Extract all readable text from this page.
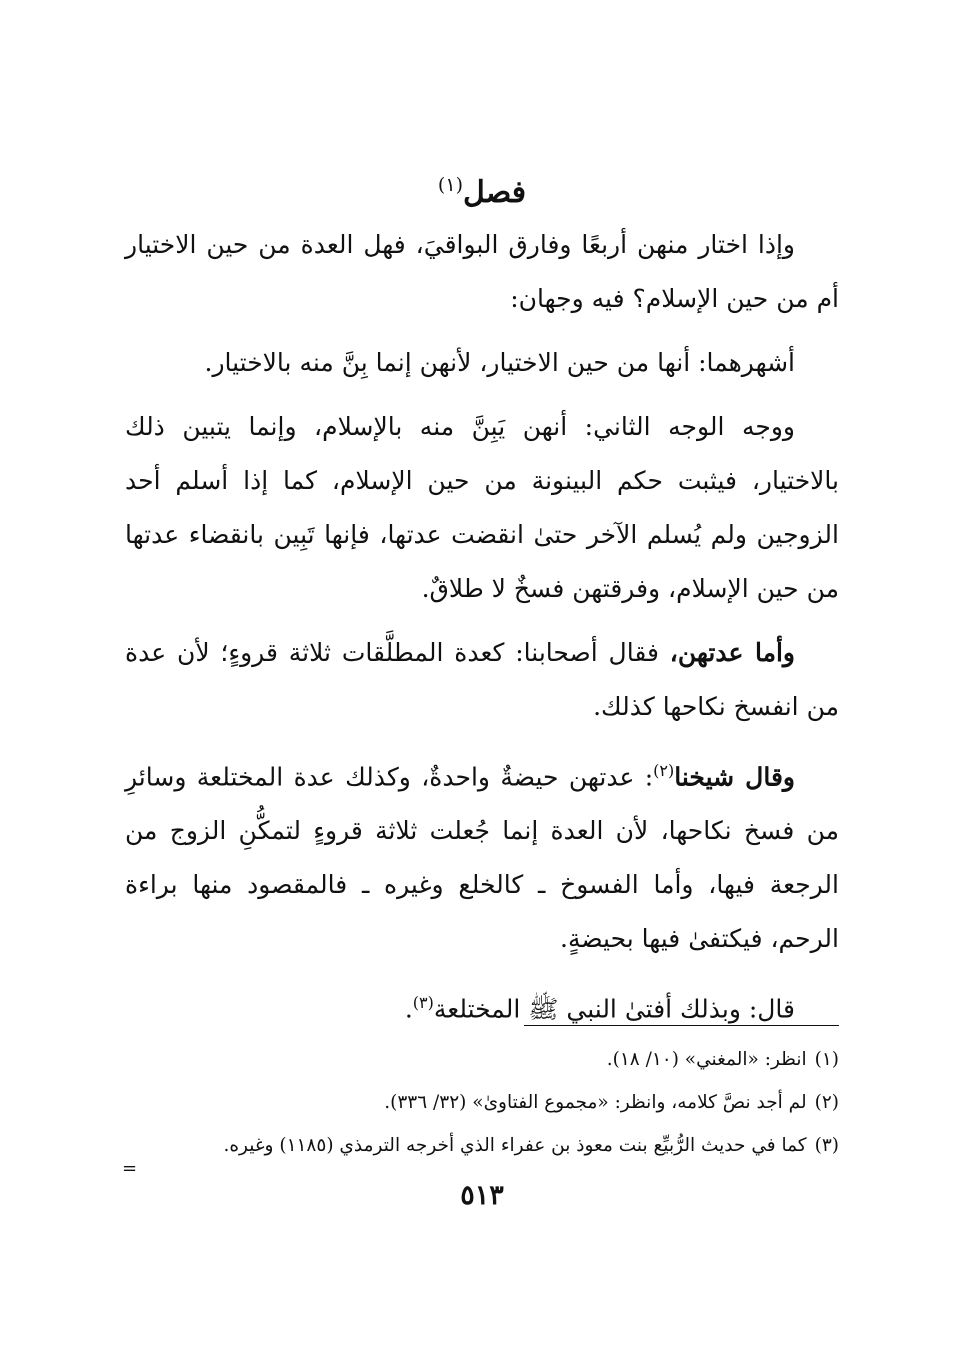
فصل$^{(١)}$

وإذا اختار منهن أربعًا وفارق البواقيَ، فهل العدة من حين الاختيار أم من حين الإسلام؟ فيه وجهان:

أشهرهما: أنها من حين الاختيار، لأنهن إنما بِنَّ منه بالاختيار.

ووجه الوجه الثاني: أنهن يَبِنَّ منه بالإسلام، وإنما يتبين ذلك بالاختيار، فيثبت حكم البينونة من حين الإسلام، كما إذا أسلم أحد الزوجين ولم يُسلم الآخر حتىٰ انقضت عدتها، فإنها تَبِين بانقضاء عدتها من حين الإسلام، وفرقتهن فسخٌ لا طلاقٌ.

وأما عدتهن، فقال أصحابنا: كعدة المطلَّقات ثلاثة قروءٍ؛ لأن عدة من انفسخ نكاحها كذلك.

وقال شيخنا$^{(٢)}$: عدتهن حيضةٌ واحدةٌ، وكذلك عدة المختلعة وسائرِ من فسخ نكاحها، لأن العدة إنما جُعلت ثلاثة قروءٍ لتمكُّنِ الزوج من الرجعة فيها، وأما الفسوخ ـ كالخلع وغيره ـ فالمقصود منها براءة الرحم، فيكتفىٰ فيها بحيضةٍ.

قال: وبذلك أفتىٰ النبي ﷺ المختلعة$^{(٣)}$.

(١)انظر: «المغني» (١٠/ ١٨).
(٢)لم أجد نصَّ كلامه، وانظر: «مجموع الفتاوىٰ» (٣٢/ ٣٣٦).
(٣)كما في حديث الرُّبيِّع بنت معوذ بن عفراء الذي أخرجه الترمذي (١١٨٥) وغيره.
=
٥١٣
